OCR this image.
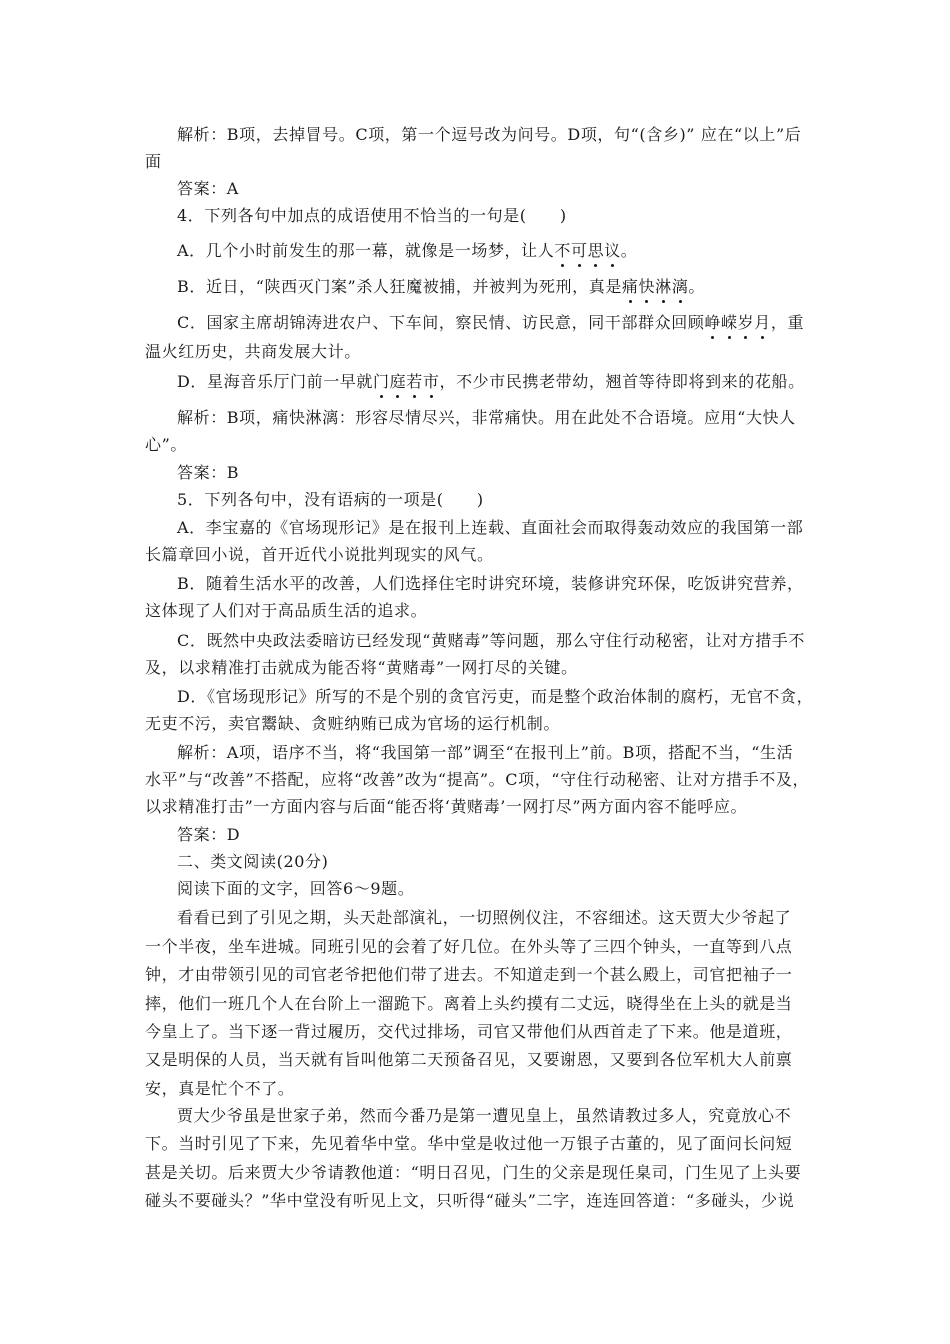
解析：B项，去掉冒号。C项，第一个逗号改为问号。D项，句“(含乡)” 应在“以上”后
面
答案：A
4．下列各句中加点的成语使用不恰当的一句是(　　)
A．几个小时前发生的那一幕，就像是一场梦，让人不可思议。
B．近日，“陕西灭门案”杀人狂魔被捕，并被判为死刑，真是痛快淋漓。
C．国家主席胡锦涛进农户、下车间，察民情、访民意，同干部群众回顾峥嵘岁月，重
温火红历史，共商发展大计。
D．星海音乐厅门前一早就门庭若市，不少市民携老带幼，翘首等待即将到来的花船。
解析：B项，痛快淋漓：形容尽情尽兴，非常痛快。用在此处不合语境。应用“大快人
心”。
答案：B
5．下列各句中，没有语病的一项是(　　)
A．李宝嘉的《官场现形记》是在报刊上连载、直面社会而取得轰动效应的我国第一部
长篇章回小说，首开近代小说批判现实的风气。
B．随着生活水平的改善，人们选择住宅时讲究环境，装修讲究环保，吃饭讲究营养，
这体现了人们对于高品质生活的追求。
C．既然中央政法委暗访已经发现“黄赌毒”等问题，那么守住行动秘密，让对方措手不
及，以求精准打击就成为能否将“黄赌毒”一网打尽的关键。
D．《官场现形记》所写的不是个别的贪官污吏，而是整个政治体制的腐朽，无官不贪，
无吏不污，卖官鬻缺、贪赃纳贿已成为官场的运行机制。
解析：A项，语序不当，将“我国第一部”调至“在报刊上”前。B项，搭配不当，“生活
水平”与“改善”不搭配，应将“改善”改为“提高”。C项，“守住行动秘密、让对方措手不及，
以求精准打击”一方面内容与后面“能否将‘黄赌毒’一网打尽”两方面内容不能呼应。
答案：D
二、类文阅读(20分)
阅读下面的文字，回答6～9题。
看看已到了引见之期，头天赴部演礼，一切照例仪注，不容细述。这天贾大少爷起了
一个半夜，坐车进城。同班引见的会着了好几位。在外头等了三四个钟头，一直等到八点
钟，才由带领引见的司官老爷把他们带了进去。不知道走到一个甚么殿上，司官把袖子一
摔，他们一班几个人在台阶上一溜跪下。离着上头约摸有二丈远，晓得坐在上头的就是当
今皇上了。当下逐一背过履历，交代过排场，司官又带他们从西首走了下来。他是道班，
又是明保的人员，当天就有旨叫他第二天预备召见，又要谢恩，又要到各位军机大人前禀
安，真是忙个不了。
贾大少爷虽是世家子弟，然而今番乃是第一遭见皇上，虽然请教过多人，究竟放心不
下。当时引见了下来，先见着华中堂。华中堂是收过他一万银子古董的，见了面问长问短
甚是关切。后来贾大少爷请教他道：“明日召见，门生的父亲是现任臬司，门生见了上头要
碰头不要碰头？”华中堂没有听见上文，只听得“碰头”二字，连连回答道：“多碰头，少说
